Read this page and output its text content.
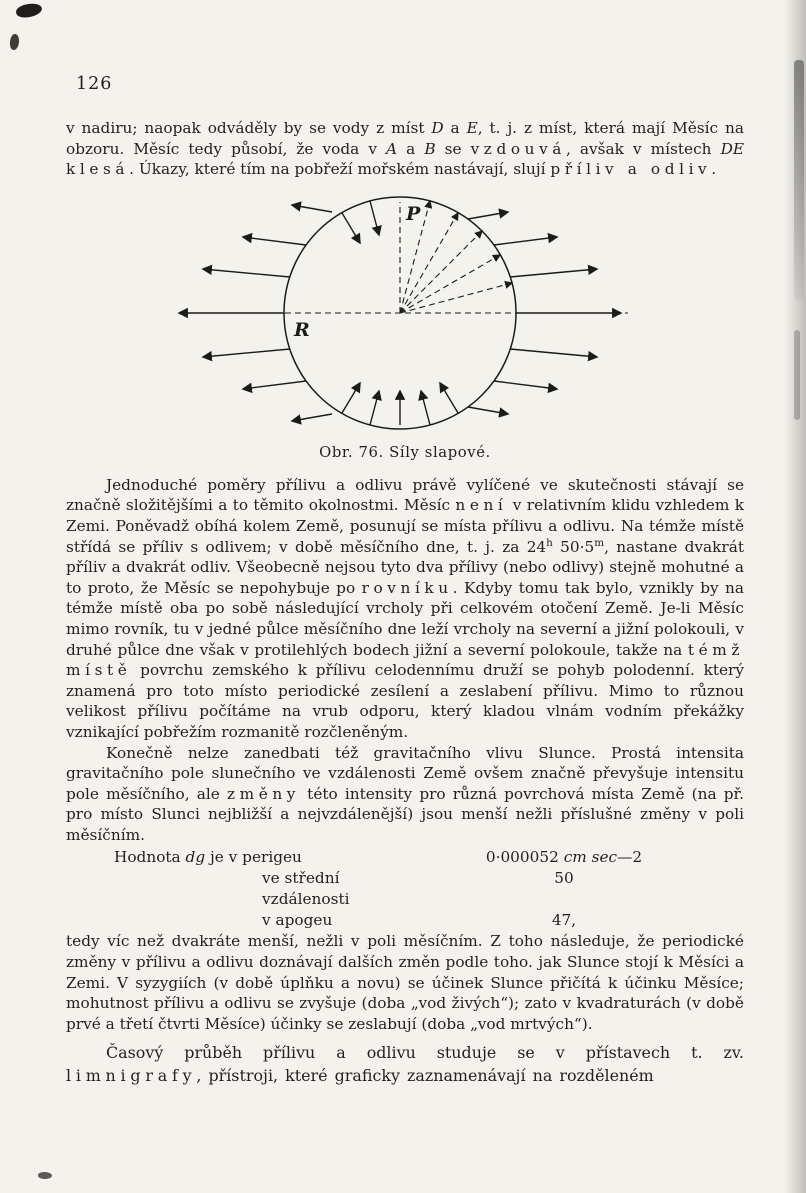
126

v nadiru; naopak odváděly by se vody z míst D a E, t. j. z míst, která mají Měsíc na obzoru. Měsíc tedy působí, že voda v A a B se vzdouvá, avšak v místech DE klesá. Úkazy, které tím na pobřeží mořském nastávají, slují příliv a odliv.

P
R
Obr. 76. Síly slapové.

Jednoduché poměry přílivu a odlivu právě vylíčené ve skutečnosti stávají se značně složitějšími a to těmito okolnostmi. Měsíc není v relativním klidu vzhledem k Zemi. Poněvadž obíhá kolem Země, posunují se místa přílivu a odlivu. Na témže místě střídá se příliv s odlivem; v době měsíčního dne, t. j. za 24$^h$ $50\cdot 5^m$, nastane dvakrát příliv a dvakrát odliv. Všeobecně nejsou tyto dva přílivy (nebo odlivy) stejně mohutné a to proto, že Měsíc se nepohybuje po rovníku. Kdyby tomu tak bylo, vznikly by na témže místě oba po sobě následující vrcholy při celkovém otočení Země. Je-li Měsíc mimo rovník, tu v jedné půlce měsíčního dne leží vrcholy na severní a jižní polokouli, v druhé půlce dne však v protilehlých bodech jižní a severní polokoule, takže na témž místě povrchu zemského k přílivu celodennímu druží se pohyb polodenní. který znamená pro toto místo periodické zesílení a zeslabení přílivu. Mimo to různou velikost přílivu počítáme na vrub odporu, který kladou vlnám vodním překážky vznikající pobřežím rozmanitě rozčleněným.

Konečně nelze zanedbati též gravitačního vlivu Slunce. Prostá intensita gravitačního pole slunečního ve vzdálenosti Země ovšem značně převyšuje intensitu pole měsíčního, ale změny této intensity pro různá povrchová místa Země (na př. pro místo Slunci nejbližší a nejvzdálenější) jsou menší nežli příslušné změny v poli měsíčním.

Hodnota dg je v perigeu	0·000052 cm sec—2
ve střední vzdálenosti
50
v apogeu	47,

tedy víc než dvakráte menší, nežli v poli měsíčním. Z toho následuje, že periodické změny v přílivu a odlivu doznávají dalších změn podle toho. jak Slunce stojí k Měsíci a Zemi. V syzygiích (v době úplňku a novu) se účinek Slunce přičítá k účinku Měsíce; mohutnost přílivu a odlivu se zvyšuje (doba „vod živých“); zato v kvadraturách (v době prvé a třetí čtvrti Měsíce) účinky se zeslabují (doba „vod mrtvých“).

Časový průběh přílivu a odlivu studuje se v přístavech t. zv. limnigrafy, přístroji, které graficky zaznamenávají na rozděleném
